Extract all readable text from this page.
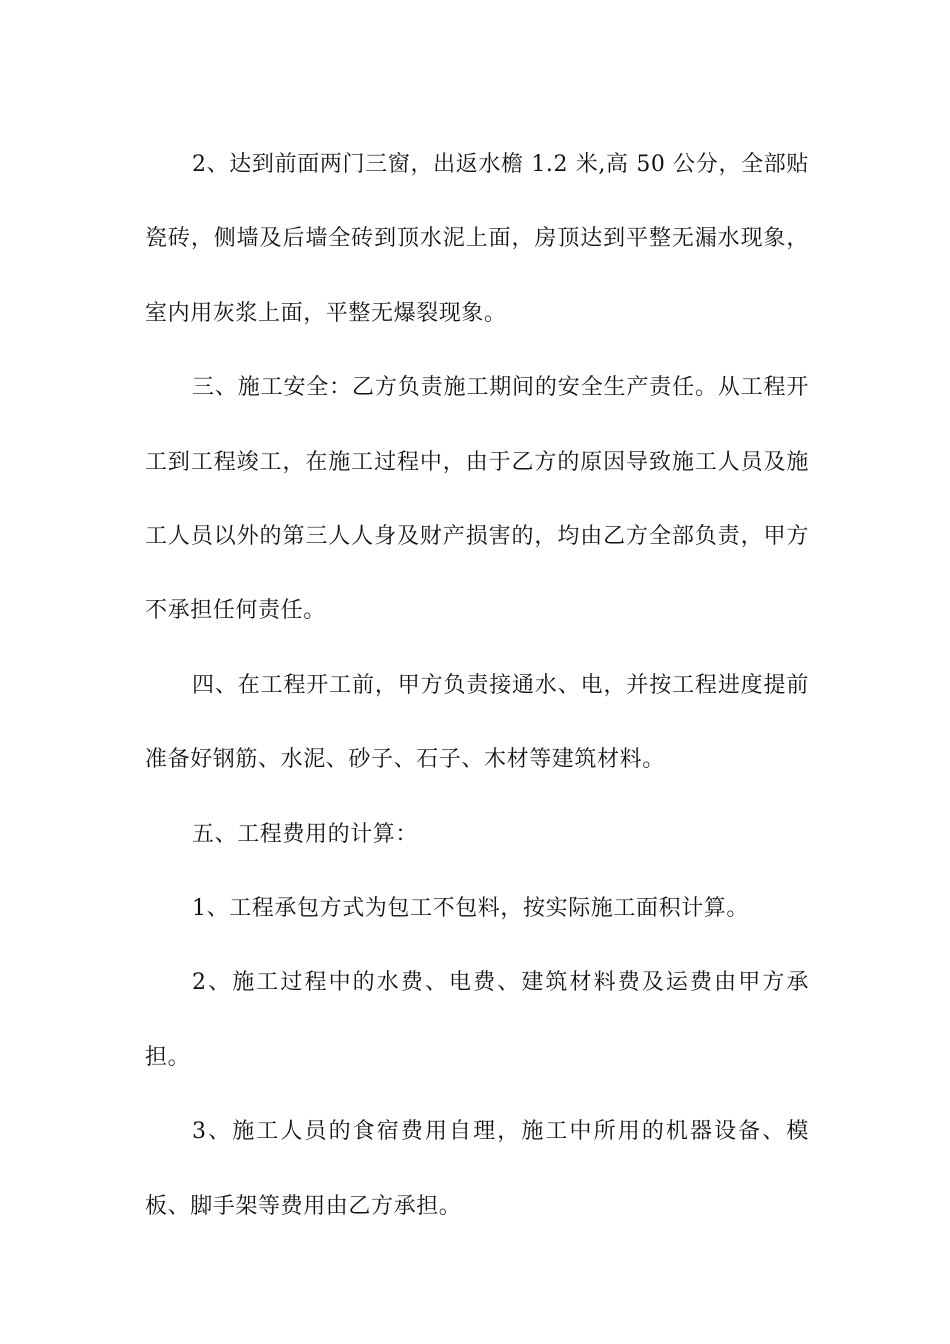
2、达到前面两门三窗，出返水檐 1.2 米,高 50 公分，全部贴瓷砖，侧墙及后墙全砖到顶水泥上面，房顶达到平整无漏水现象，室内用灰浆上面，平整无爆裂现象。

三、施工安全：乙方负责施工期间的安全生产责任。从工程开工到工程竣工，在施工过程中，由于乙方的原因导致施工人员及施工人员以外的第三人人身及财产损害的，均由乙方全部负责，甲方不承担任何责任。

四、在工程开工前，甲方负责接通水、电，并按工程进度提前准备好钢筋、水泥、砂子、石子、木材等建筑材料。

五、工程费用的计算：

1、工程承包方式为包工不包料，按实际施工面积计算。

2、施工过程中的水费、电费、建筑材料费及运费由甲方承担。

3、施工人员的食宿费用自理，施工中所用的机器设备、模板、脚手架等费用由乙方承担。
